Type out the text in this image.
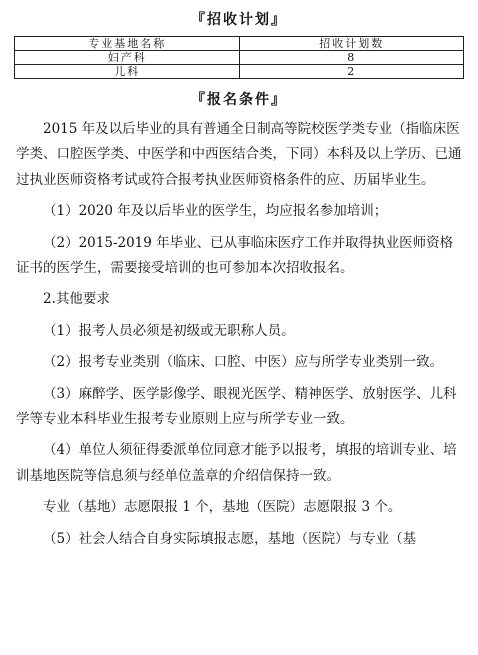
『招收计划』
专业基地名称	招收计划数
妇产科	8
儿科	2
『报名条件』

2015 年及以后毕业的具有普通全日制高等院校医学类专业（指临床医学类、口腔医学类、中医学和中西医结合类，下同）本科及以上学历、已通过执业医师资格考试或符合报考执业医师资格条件的应、历届毕业生。

（1）2020 年及以后毕业的医学生，均应报名参加培训；

（2）2015-2019 年毕业、已从事临床医疗工作并取得执业医师资格证书的医学生，需要接受培训的也可参加本次招收报名。

2.其他要求

（1）报考人员必须是初级或无职称人员。

（2）报考专业类别（临床、口腔、中医）应与所学专业类别一致。

（3）麻醉学、医学影像学、眼视光医学、精神医学、放射医学、儿科学等专业本科毕业生报考专业原则上应与所学专业一致。

（4）单位人须征得委派单位同意才能予以报考，填报的培训专业、培训基地医院等信息须与经单位盖章的介绍信保持一致。

专业（基地）志愿限报 1 个，基地（医院）志愿限报 3 个。

（5）社会人结合自身实际填报志愿，基地（医院）与专业（基
